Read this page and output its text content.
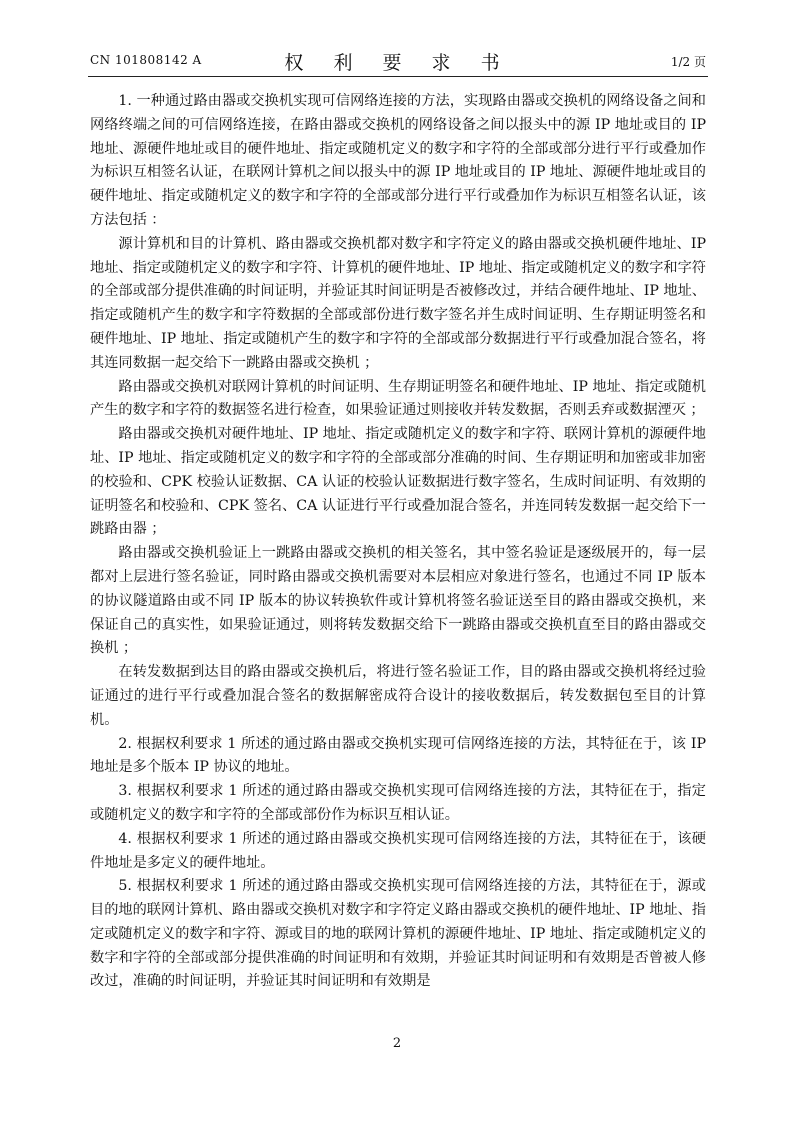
CN 101808142 A	权 利 要 求 书	1/2 页

1. 一种通过路由器或交换机实现可信网络连接的方法，实现路由器或交换机的网络设备之间和网络终端之间的可信网络连接，在路由器或交换机的网络设备之间以报头中的源 IP 地址或目的 IP 地址、源硬件地址或目的硬件地址、指定或随机定义的数字和字符的全部或部分进行平行或叠加作为标识互相签名认证，在联网计算机之间以报头中的源 IP 地址或目的 IP 地址、源硬件地址或目的硬件地址、指定或随机定义的数字和字符的全部或部分进行平行或叠加作为标识互相签名认证，该方法包括 ：

源计算机和目的计算机、路由器或交换机都对数字和字符定义的路由器或交换机硬件地址、IP 地址、指定或随机定义的数字和字符、计算机的硬件地址、IP 地址、指定或随机定义的数字和字符的全部或部分提供准确的时间证明，并验证其时间证明是否被修改过，并结合硬件地址、IP 地址、指定或随机产生的数字和字符数据的全部或部份进行数字签名并生成时间证明、生存期证明签名和硬件地址、IP 地址、指定或随机产生的数字和字符的全部或部分数据进行平行或叠加混合签名，将其连同数据一起交给下一跳路由器或交换机 ；

路由器或交换机对联网计算机的时间证明、生存期证明签名和硬件地址、IP 地址、指定或随机产生的数字和字符的数据签名进行检查，如果验证通过则接收并转发数据，否则丢弃或数据湮灭 ；

路由器或交换机对硬件地址、IP 地址、指定或随机定义的数字和字符、联网计算机的源硬件地址、IP 地址、指定或随机定义的数字和字符的全部或部分准确的时间、生存期证明和加密或非加密的校验和、CPK 校验认证数据、CA 认证的校验认证数据进行数字签名，生成时间证明、有效期的证明签名和校验和、CPK 签名、CA 认证进行平行或叠加混合签名，并连同转发数据一起交给下一跳路由器 ；

路由器或交换机验证上一跳路由器或交换机的相关签名，其中签名验证是逐级展开的，每一层都对上层进行签名验证，同时路由器或交换机需要对本层相应对象进行签名，也通过不同 IP 版本的协议隧道路由或不同 IP 版本的协议转换软件或计算机将签名验证送至目的路由器或交换机，来保证自己的真实性，如果验证通过，则将转发数据交给下一跳路由器或交换机直至目的路由器或交换机 ；

在转发数据到达目的路由器或交换机后，将进行签名验证工作，目的路由器或交换机将经过验证通过的进行平行或叠加混合签名的数据解密成符合设计的接收数据后，转发数据包至目的计算机。

2. 根据权利要求 1 所述的通过路由器或交换机实现可信网络连接的方法，其特征在于，该 IP 地址是多个版本 IP 协议的地址。

3. 根据权利要求 1 所述的通过路由器或交换机实现可信网络连接的方法，其特征在于，指定或随机定义的数字和字符的全部或部份作为标识互相认证。

4. 根据权利要求 1 所述的通过路由器或交换机实现可信网络连接的方法，其特征在于，该硬件地址是多定义的硬件地址。

5. 根据权利要求 1 所述的通过路由器或交换机实现可信网络连接的方法，其特征在于，源或目的地的联网计算机、路由器或交换机对数字和字符定义路由器或交换机的硬件地址、IP 地址、指定或随机定义的数字和字符、源或目的地的联网计算机的源硬件地址、IP 地址、指定或随机定义的数字和字符的全部或部分提供准确的时间证明和有效期，并验证其时间证明和有效期是否曾被人修改过，准确的时间证明，并验证其时间证明和有效期是

2
